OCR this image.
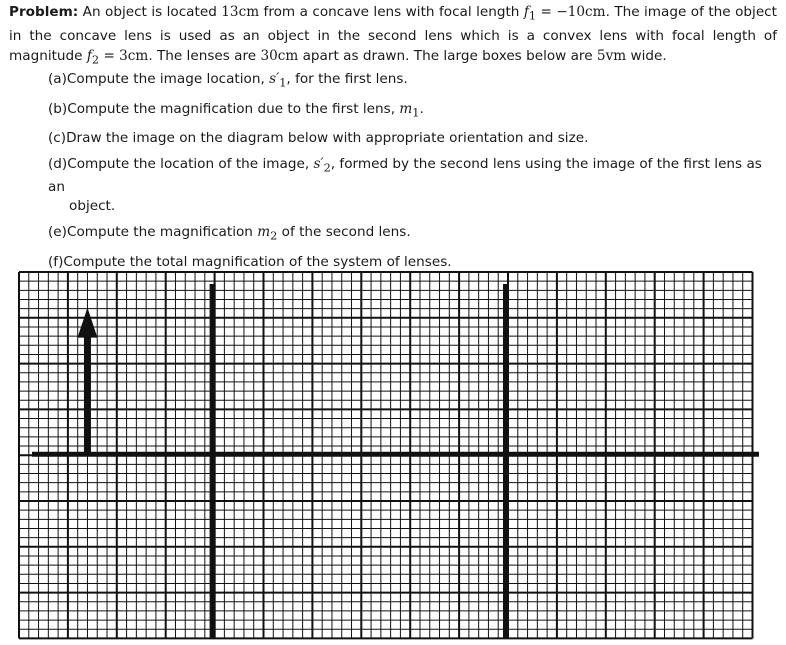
Problem: An object is located 13cm from a concave lens with focal length $f_1 = -10cm$. The image of the object in the concave lens is used as an object in the second lens which is a convex lens with focal length of magnitude $f_2 = 3cm$. The lenses are 30cm apart as drawn. The large boxes below are 5vm wide.
(a)Compute the image location, $s'_1$, for the first lens.
(b)Compute the magnification due to the first lens, $m_1$.
(c)Draw the image on the diagram below with appropriate orientation and size.
(d)Compute the location of the image, $s'_2$, formed by the second lens using the image of the first lens as an
object.
(e)Compute the magnification $m_2$ of the second lens.
(f)Compute the total magnification of the system of lenses.
